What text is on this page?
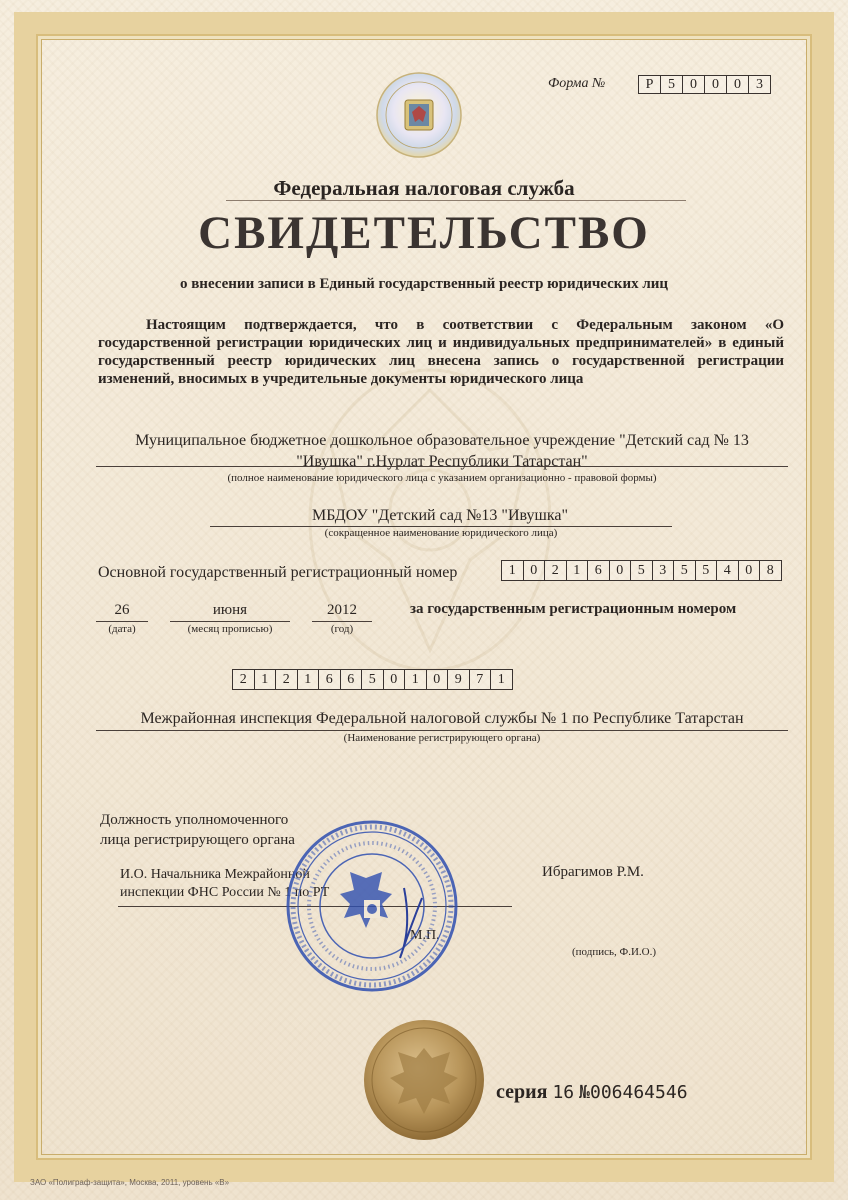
Форма №	Р	5	0	0	0	3
Федеральная налоговая служба
СВИДЕТЕЛЬСТВО
о внесении записи в Единый государственный реестр юридических лиц
Настоящим подтверждается, что в соответствии с Федеральным законом «О государственной регистрации юридических лиц и индивидуальных предпринимателей» в единый государственный реестр юридических лиц внесена запись о государственной регистрации изменений, вносимых в учредительные документы юридического лица
Муниципальное бюджетное дошкольное образовательное учреждение "Детский сад № 13
"Ивушка" г.Нурлат Республики Татарстан"
(полное наименование юридического лица с указанием организационно - правовой формы)
МБДОУ "Детский сад №13 "Ивушка"
(сокращенное наименование юридического лица)
Основной государственный регистрационный номер	1	0	2	1	6	0	5	3	5	5	4	0	8
26	июня	2012
(дата)	(месяц прописью)	(год)
за государственным регистрационным номером
2	1	2	1	6	6	5	0	1	0	9	7	1
Межрайонная инспекция Федеральной налоговой службы № 1 по Республике Татарстан
(Наименование регистрирующего органа)
Должность уполномоченного
лица регистрирующего органа
И.О. Начальника Межрайонной
инспекции ФНС России № 1 по РТ
Ибрагимов Р.М.
М.П.
(подпись, Ф.И.О.)
серия 16 №006464546
ЗАО «Полиграф-защита», Москва, 2011, уровень «В»
